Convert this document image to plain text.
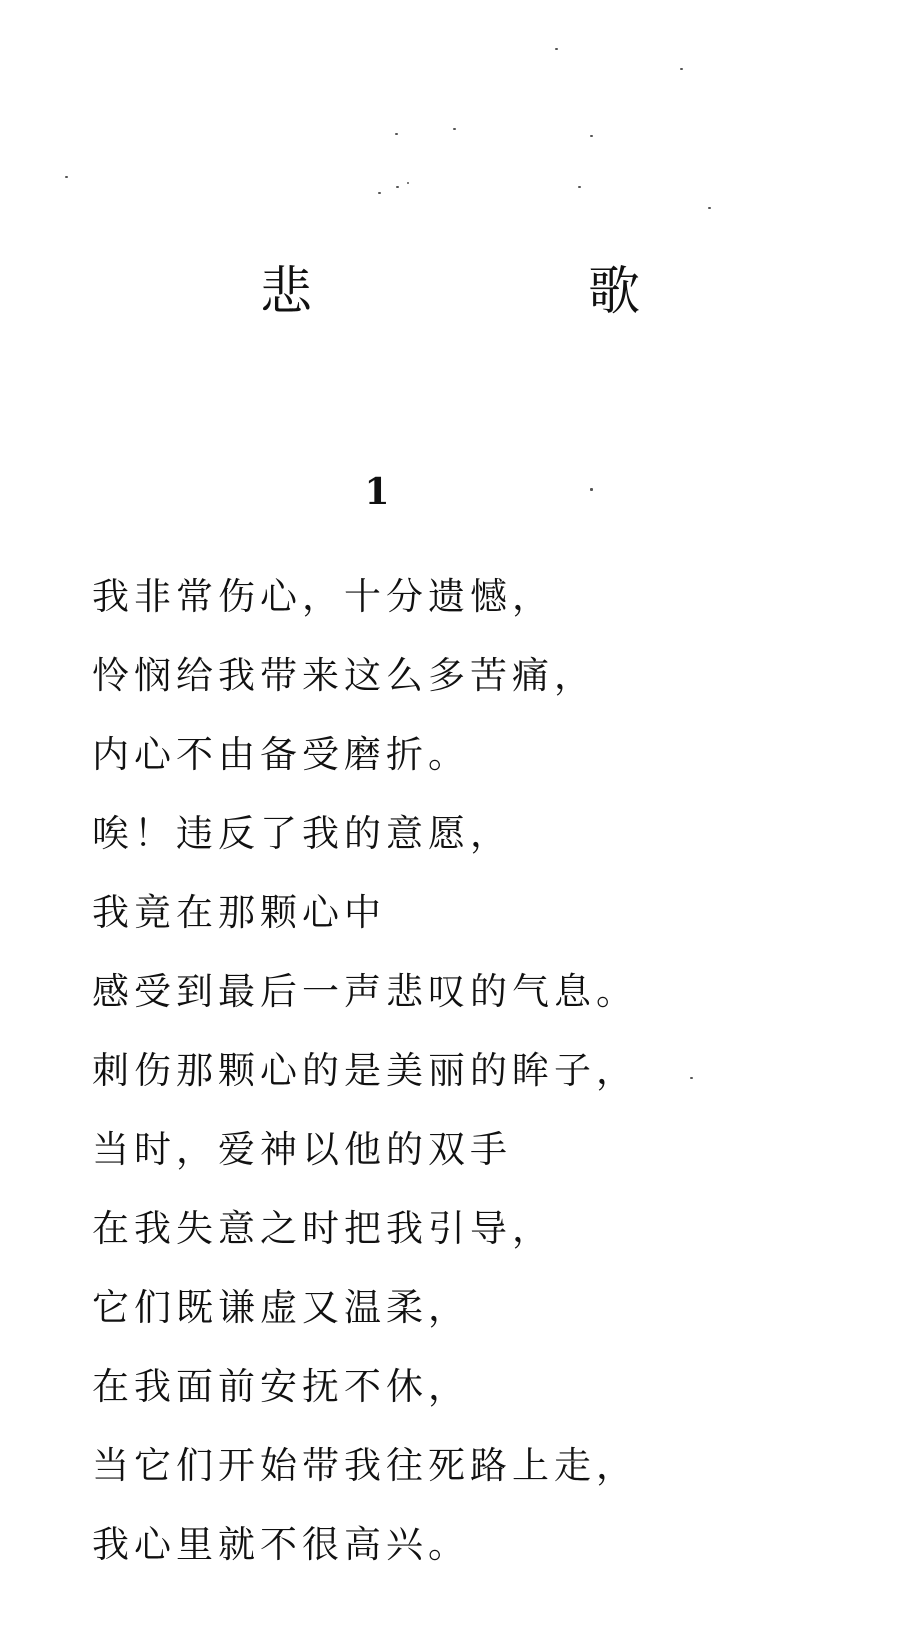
悲　歌
1
我非常伤心，十分遗憾，
怜悯给我带来这么多苦痛，
内心不由备受磨折。
唉！违反了我的意愿，
我竟在那颗心中
感受到最后一声悲叹的气息。
刺伤那颗心的是美丽的眸子，
当时，爱神以他的双手
在我失意之时把我引导，
它们既谦虚又温柔，
在我面前安抚不休，
当它们开始带我往死路上走，
我心里就不很高兴。
